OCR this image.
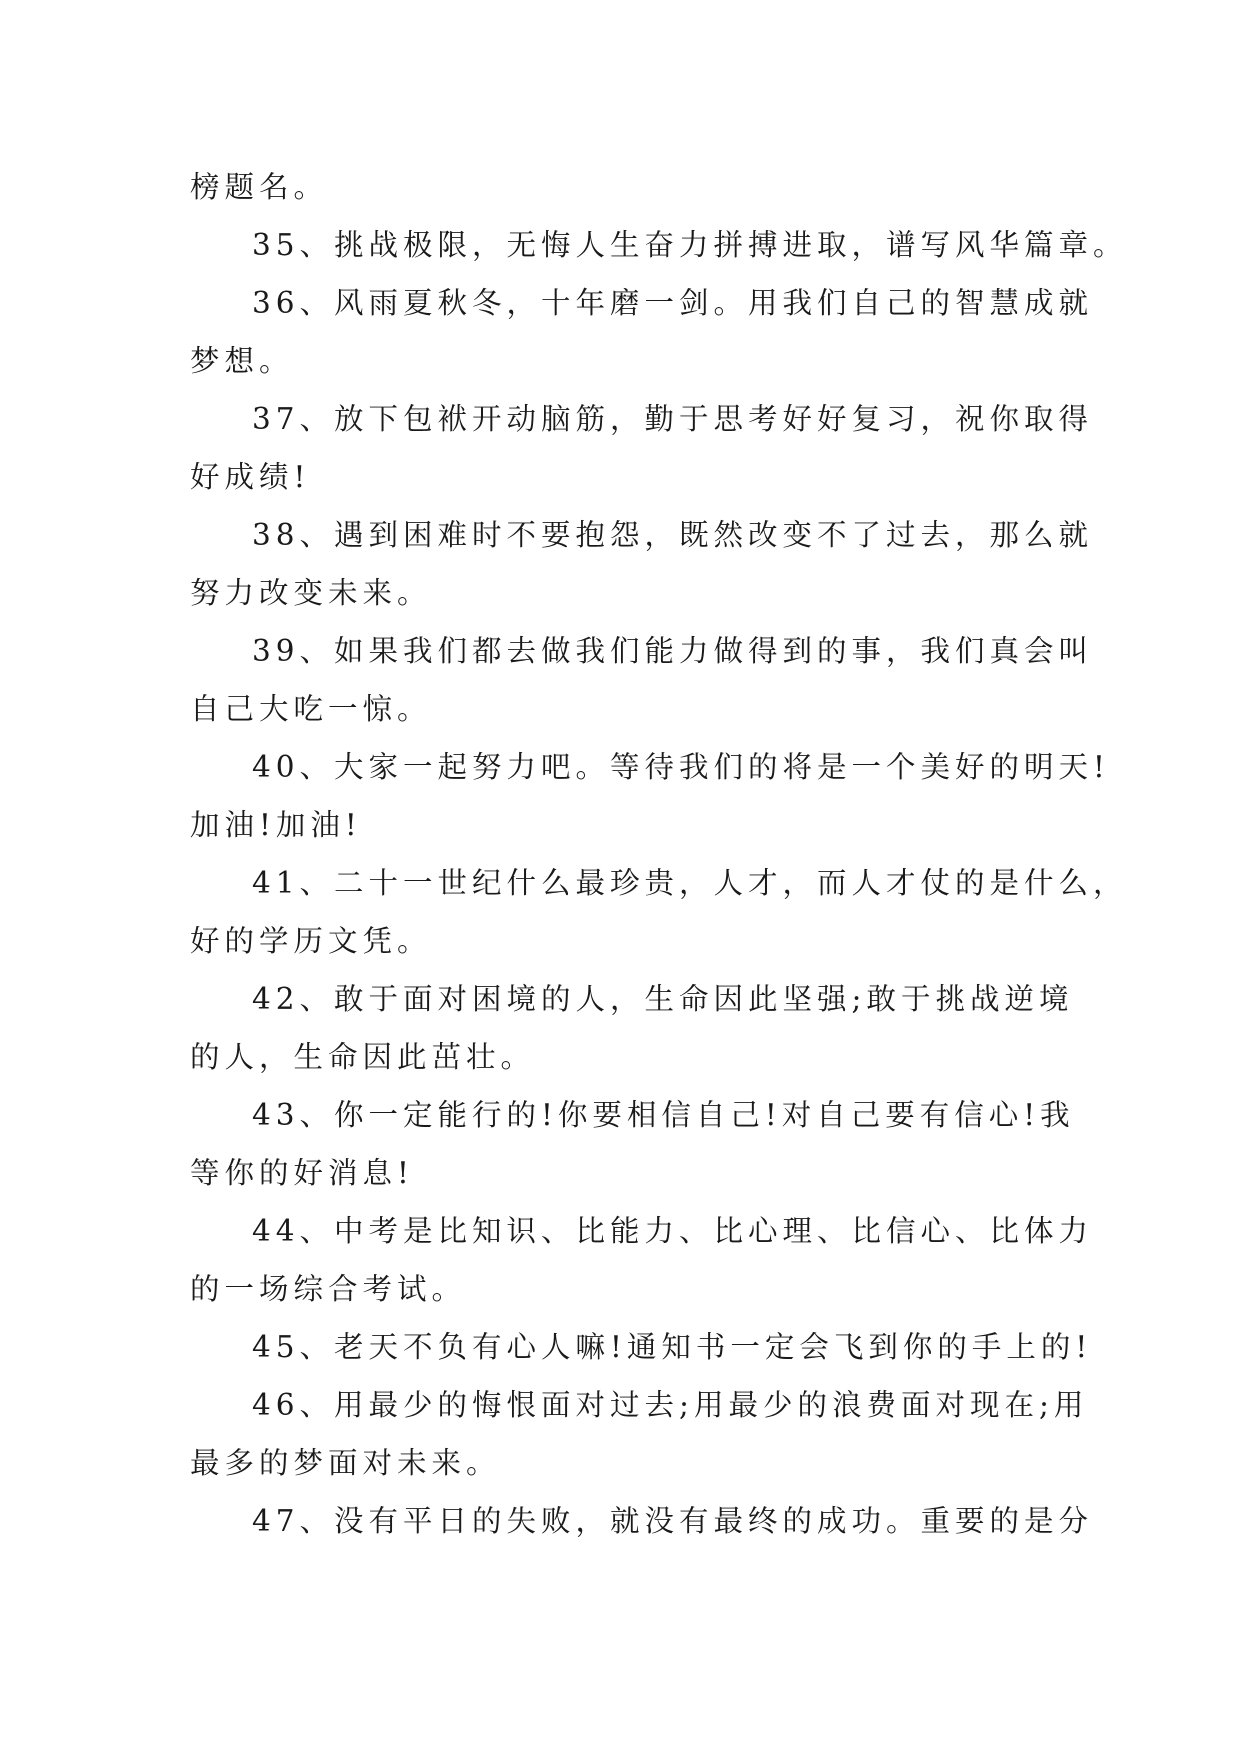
榜题名。
35、挑战极限，无悔人生奋力拼搏进取，谱写风华篇章。
36、风雨夏秋冬，十年磨一剑。用我们自己的智慧成就
梦想。
37、放下包袱开动脑筋，勤于思考好好复习，祝你取得
好成绩!
38、遇到困难时不要抱怨，既然改变不了过去，那么就
努力改变未来。
39、如果我们都去做我们能力做得到的事，我们真会叫
自己大吃一惊。
40、大家一起努力吧。等待我们的将是一个美好的明天!
加油!加油!
41、二十一世纪什么最珍贵，人才，而人才仗的是什么，
好的学历文凭。
42、敢于面对困境的人，生命因此坚强;敢于挑战逆境
的人，生命因此茁壮。
43、你一定能行的!你要相信自己!对自己要有信心!我
等你的好消息!
44、中考是比知识、比能力、比心理、比信心、比体力
的一场综合考试。
45、老天不负有心人嘛!通知书一定会飞到你的手上的!
46、用最少的悔恨面对过去;用最少的浪费面对现在;用
最多的梦面对未来。
47、没有平日的失败，就没有最终的成功。重要的是分
